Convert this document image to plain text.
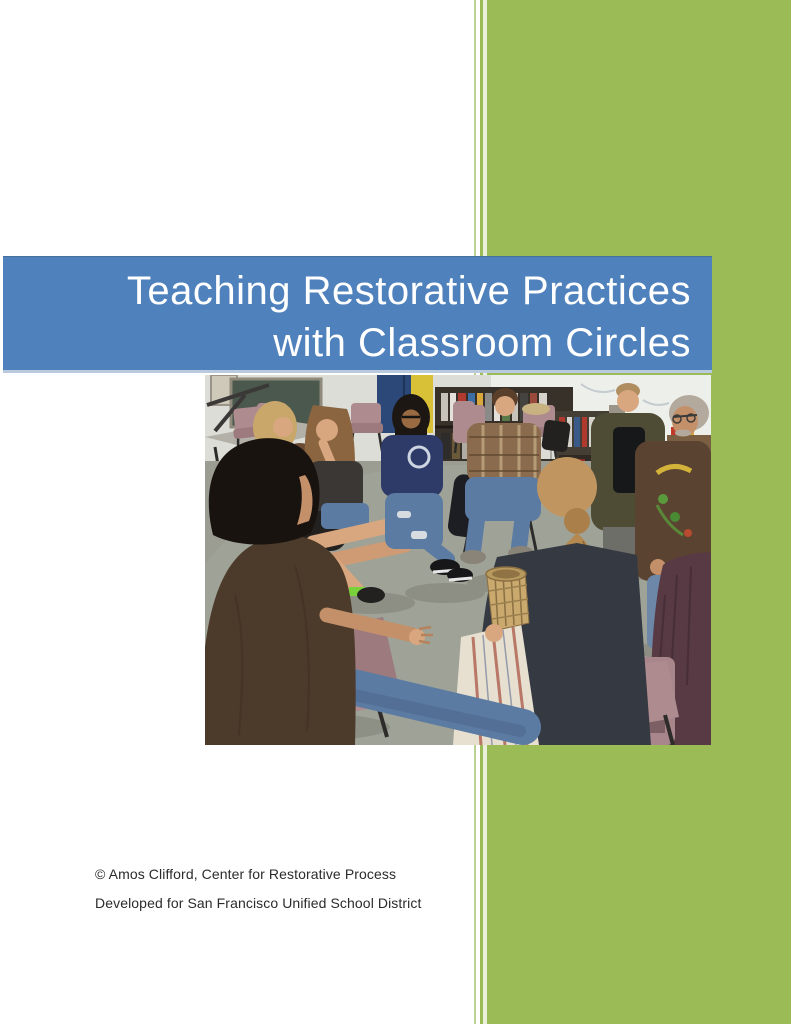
Teaching Restorative Practices
with Classroom Circles

© Amos Clifford, Center for Restorative Process

Developed for San Francisco Unified School District
